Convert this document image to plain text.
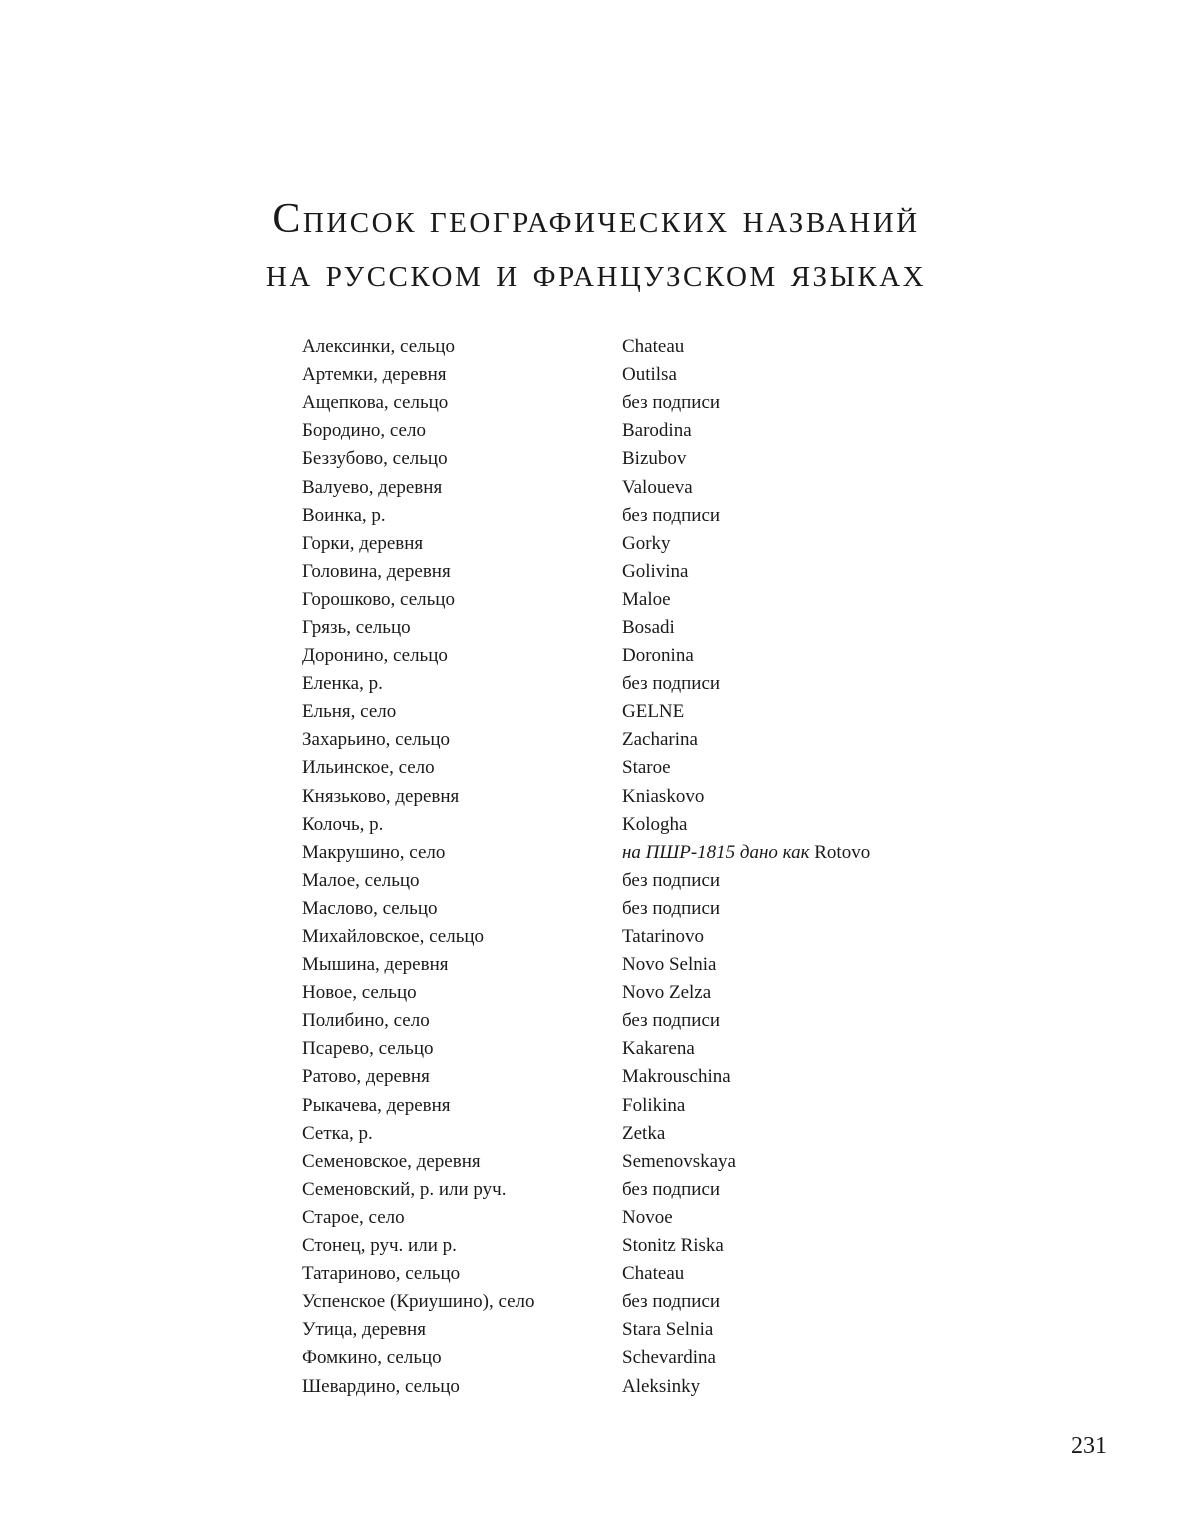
Список географических названий
на русском и французском языках
Алексинки, сельцо	Chateau
Артемки, деревня	Outilsa
Ащепкова, сельцо	без подписи
Бородино, село	Barodina
Беззубово, сельцо	Bizubov
Валуево, деревня	Valoueva
Воинка, р.	без подписи
Горки, деревня	Gorky
Головина, деревня	Golivina
Горошково, сельцо	Maloe
Грязь, сельцо	Bosadi
Доронино, сельцо	Doronina
Еленка, р.	без подписи
Ельня, село	GELNE
Захарьино, сельцо	Zacharina
Ильинское, село	Staroe
Князьково, деревня	Kniaskovo
Колочь, р.	Kologha
Макрушино, село	на ПШР-1815 дано как Rotovo
Малое, сельцо	без подписи
Маслово, сельцо	без подписи
Михайловское, сельцо	Tatarinovo
Мышина, деревня	Novo Selnia
Новое, сельцо	Novo Zelza
Полибино, село	без подписи
Псарево, сельцо	Kakarena
Ратово, деревня	Makrouschina
Рыкачева, деревня	Folikina
Сетка, р.	Zetka
Семеновское, деревня	Semenovskaya
Семеновский, р. или руч.	без подписи
Старое, село	Novoe
Стонец, руч. или р.	Stonitz Riska
Татариново, сельцо	Chateau
Успенское (Криушино), село	без подписи
Утица, деревня	Stara Selnia
Фомкино, сельцо	Schevardina
Шевардино, сельцо	Aleksinky
231
